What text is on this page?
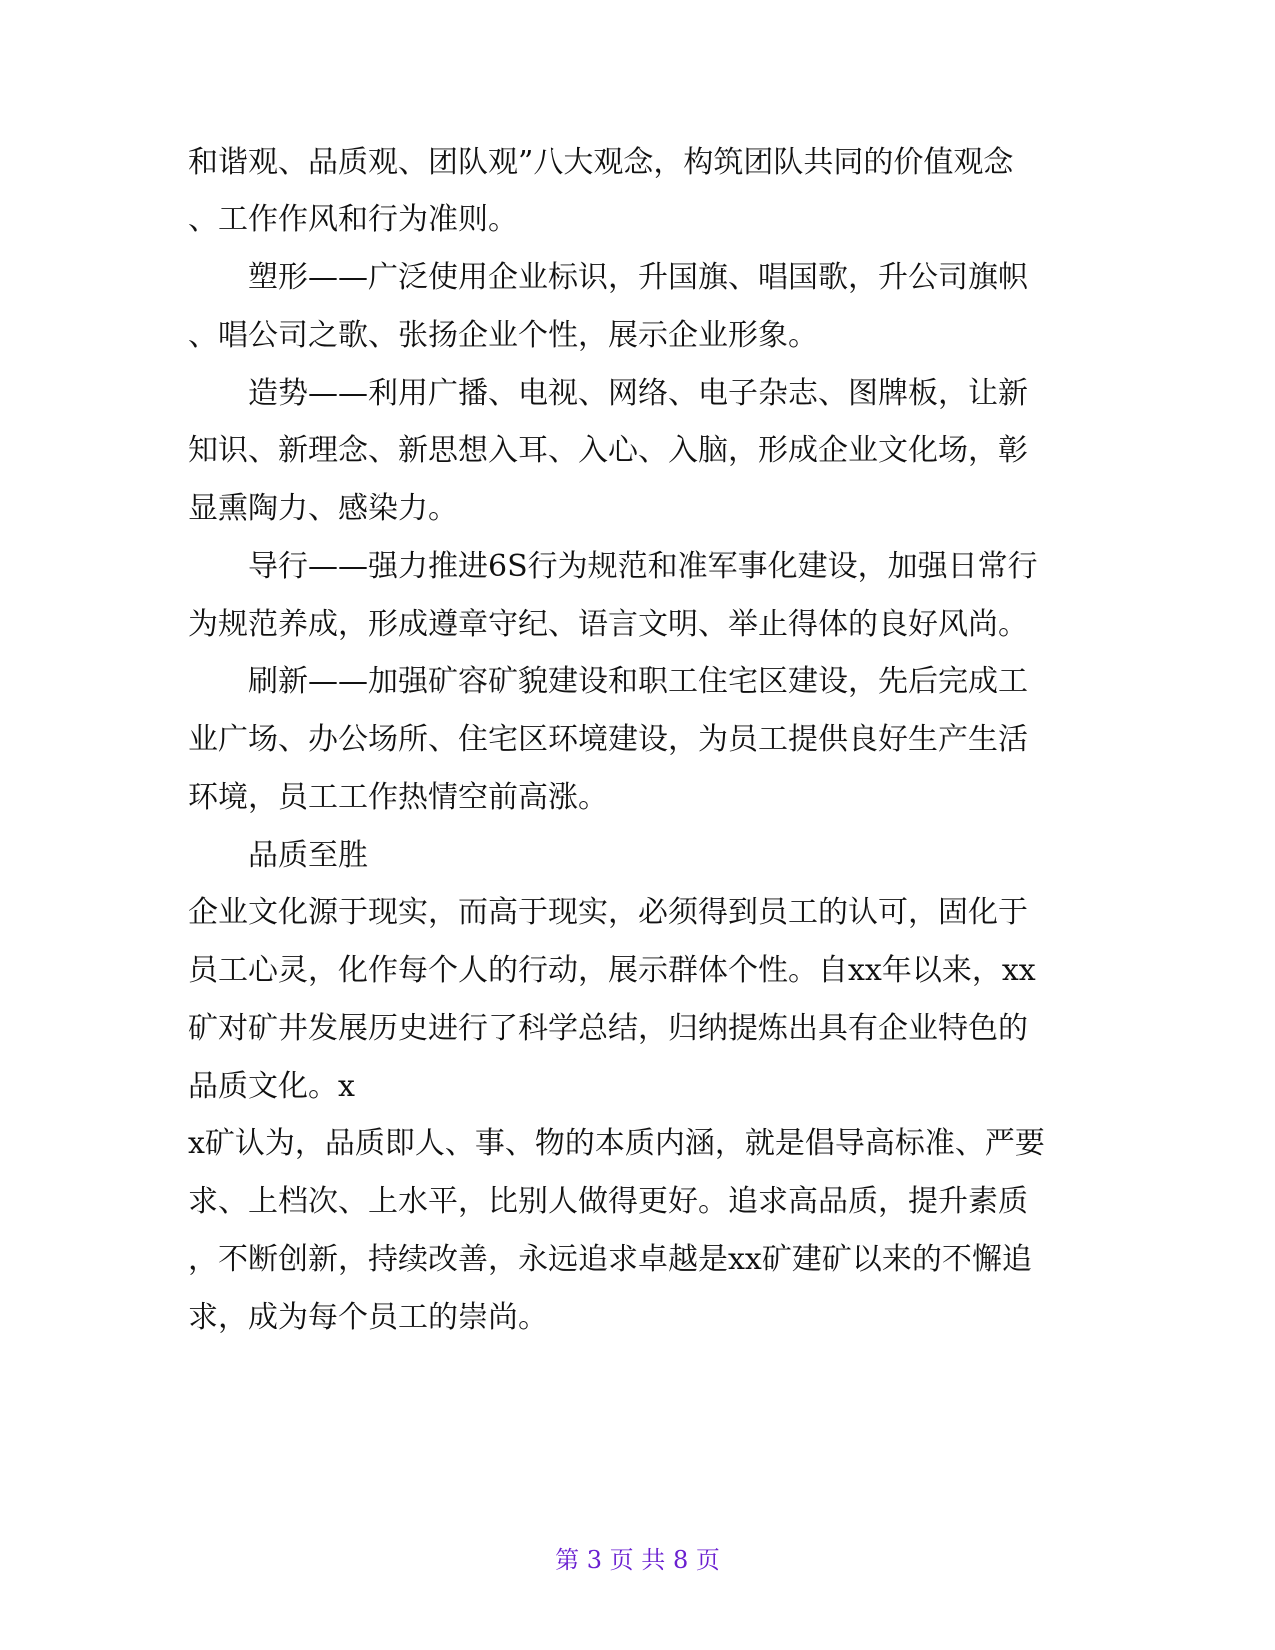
和谐观、品质观、团队观”八大观念，构筑团队共同的价值观念
、工作作风和行为准则。
塑形——广泛使用企业标识，升国旗、唱国歌，升公司旗帜
、唱公司之歌、张扬企业个性，展示企业形象。
造势——利用广播、电视、网络、电子杂志、图牌板，让新
知识、新理念、新思想入耳、入心、入脑，形成企业文化场，彰
显熏陶力、感染力。
导行——强力推进6S行为规范和准军事化建设，加强日常行
为规范养成，形成遵章守纪、语言文明、举止得体的良好风尚。
刷新——加强矿容矿貌建设和职工住宅区建设，先后完成工
业广场、办公场所、住宅区环境建设，为员工提供良好生产生活
环境，员工工作热情空前高涨。
品质至胜
企业文化源于现实，而高于现实，必须得到员工的认可，固化于
员工心灵，化作每个人的行动，展示群体个性。自xx年以来，xx
矿对矿井发展历史进行了科学总结，归纳提炼出具有企业特色的
品质文化。x
x矿认为，品质即人、事、物的本质内涵，就是倡导高标准、严要
求、上档次、上水平，比别人做得更好。追求高品质，提升素质
，不断创新，持续改善，永远追求卓越是xx矿建矿以来的不懈追
求，成为每个员工的崇尚。
第 3 页 共 8 页
